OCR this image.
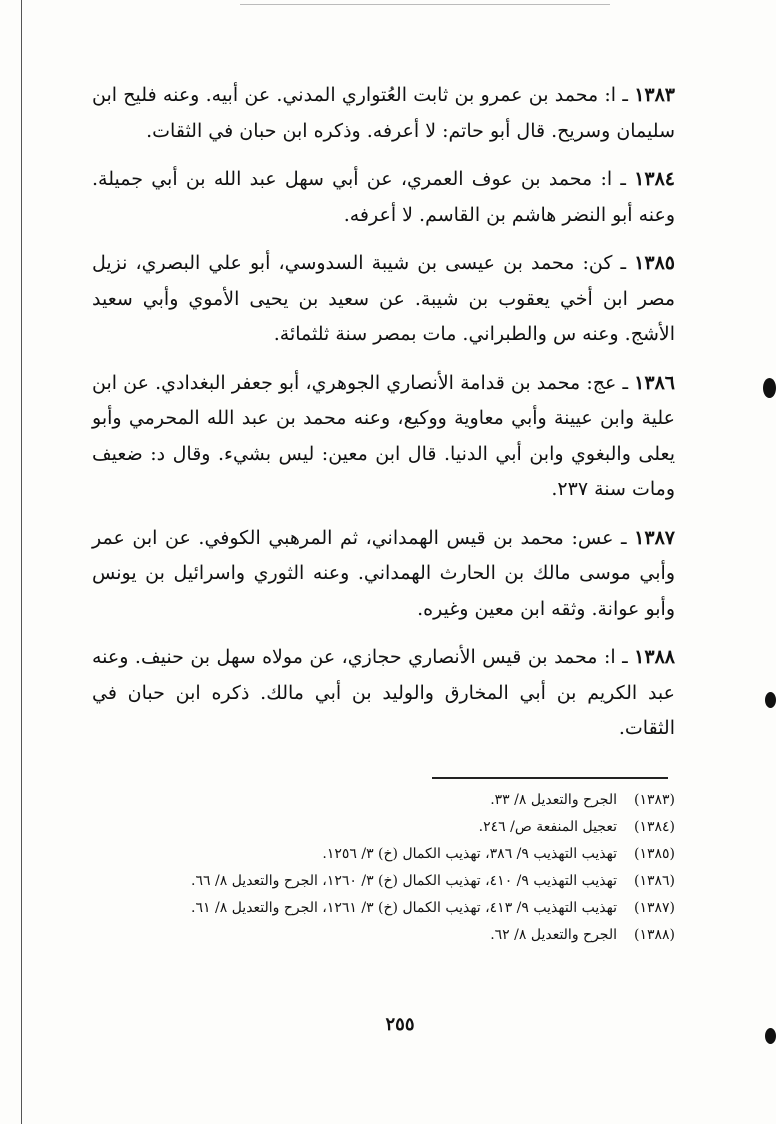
١٣٨٣ ـ ا: محمد بن عمرو بن ثابت العُتواري المدني. عن أبيه. وعنه فليح ابن سليمان وسريح. قال أبو حاتم: لا أعرفه. وذكره ابن حبان في الثقات.

١٣٨٤ ـ ا: محمد بن عوف العمري، عن أبي سهل عبد الله بن أبي جميلة. وعنه أبو النضر هاشم بن القاسم. لا أعرفه.

١٣٨٥ ـ كن: محمد بن عيسى بن شيبة السدوسي، أبو علي البصري، نزيل مصر ابن أخي يعقوب بن شيبة. عن سعيد بن يحيى الأموي وأبي سعيد الأشج. وعنه س والطبراني. مات بمصر سنة ثلثمائة.

١٣٨٦ ـ عج: محمد بن قدامة الأنصاري الجوهري، أبو جعفر البغدادي. عن ابن علية وابن عيينة وأبي معاوية ووكيع، وعنه محمد بن عبد الله المحرمي وأبو يعلى والبغوي وابن أبي الدنيا. قال ابن معين: ليس بشيء. وقال د: ضعيف ومات سنة ٢٣٧.

١٣٨٧ ـ عس: محمد بن قيس الهمداني، ثم المرهبي الكوفي. عن ابن عمر وأبي موسى مالك بن الحارث الهمداني. وعنه الثوري واسرائيل بن يونس وأبو عوانة. وثقه ابن معين وغيره.

١٣٨٨ ـ ا: محمد بن قيس الأنصاري حجازي، عن مولاه سهل بن حنيف. وعنه عبد الكريم بن أبي المخارق والوليد بن أبي مالك. ذكره ابن حبان في الثقات.

(١٣٨٣)
الجرح والتعديل ٨/ ٣٣.
(١٣٨٤)
تعجيل المنفعة ص/ ٢٤٦.
(١٣٨٥)
تهذيب التهذيب ٩/ ٣٨٦، تهذيب الكمال (خ) ٣/ ١٢٥٦.
(١٣٨٦)
تهذيب التهذيب ٩/ ٤١٠، تهذيب الكمال (خ) ٣/ ١٢٦٠، الجرح والتعديل ٨/ ٦٦.
(١٣٨٧)
تهذيب التهذيب ٩/ ٤١٣، تهذيب الكمال (خ) ٣/ ١٢٦١، الجرح والتعديل ٨/ ٦١.
(١٣٨٨)
الجرح والتعديل ٨/ ٦٢.
٢٥٥
